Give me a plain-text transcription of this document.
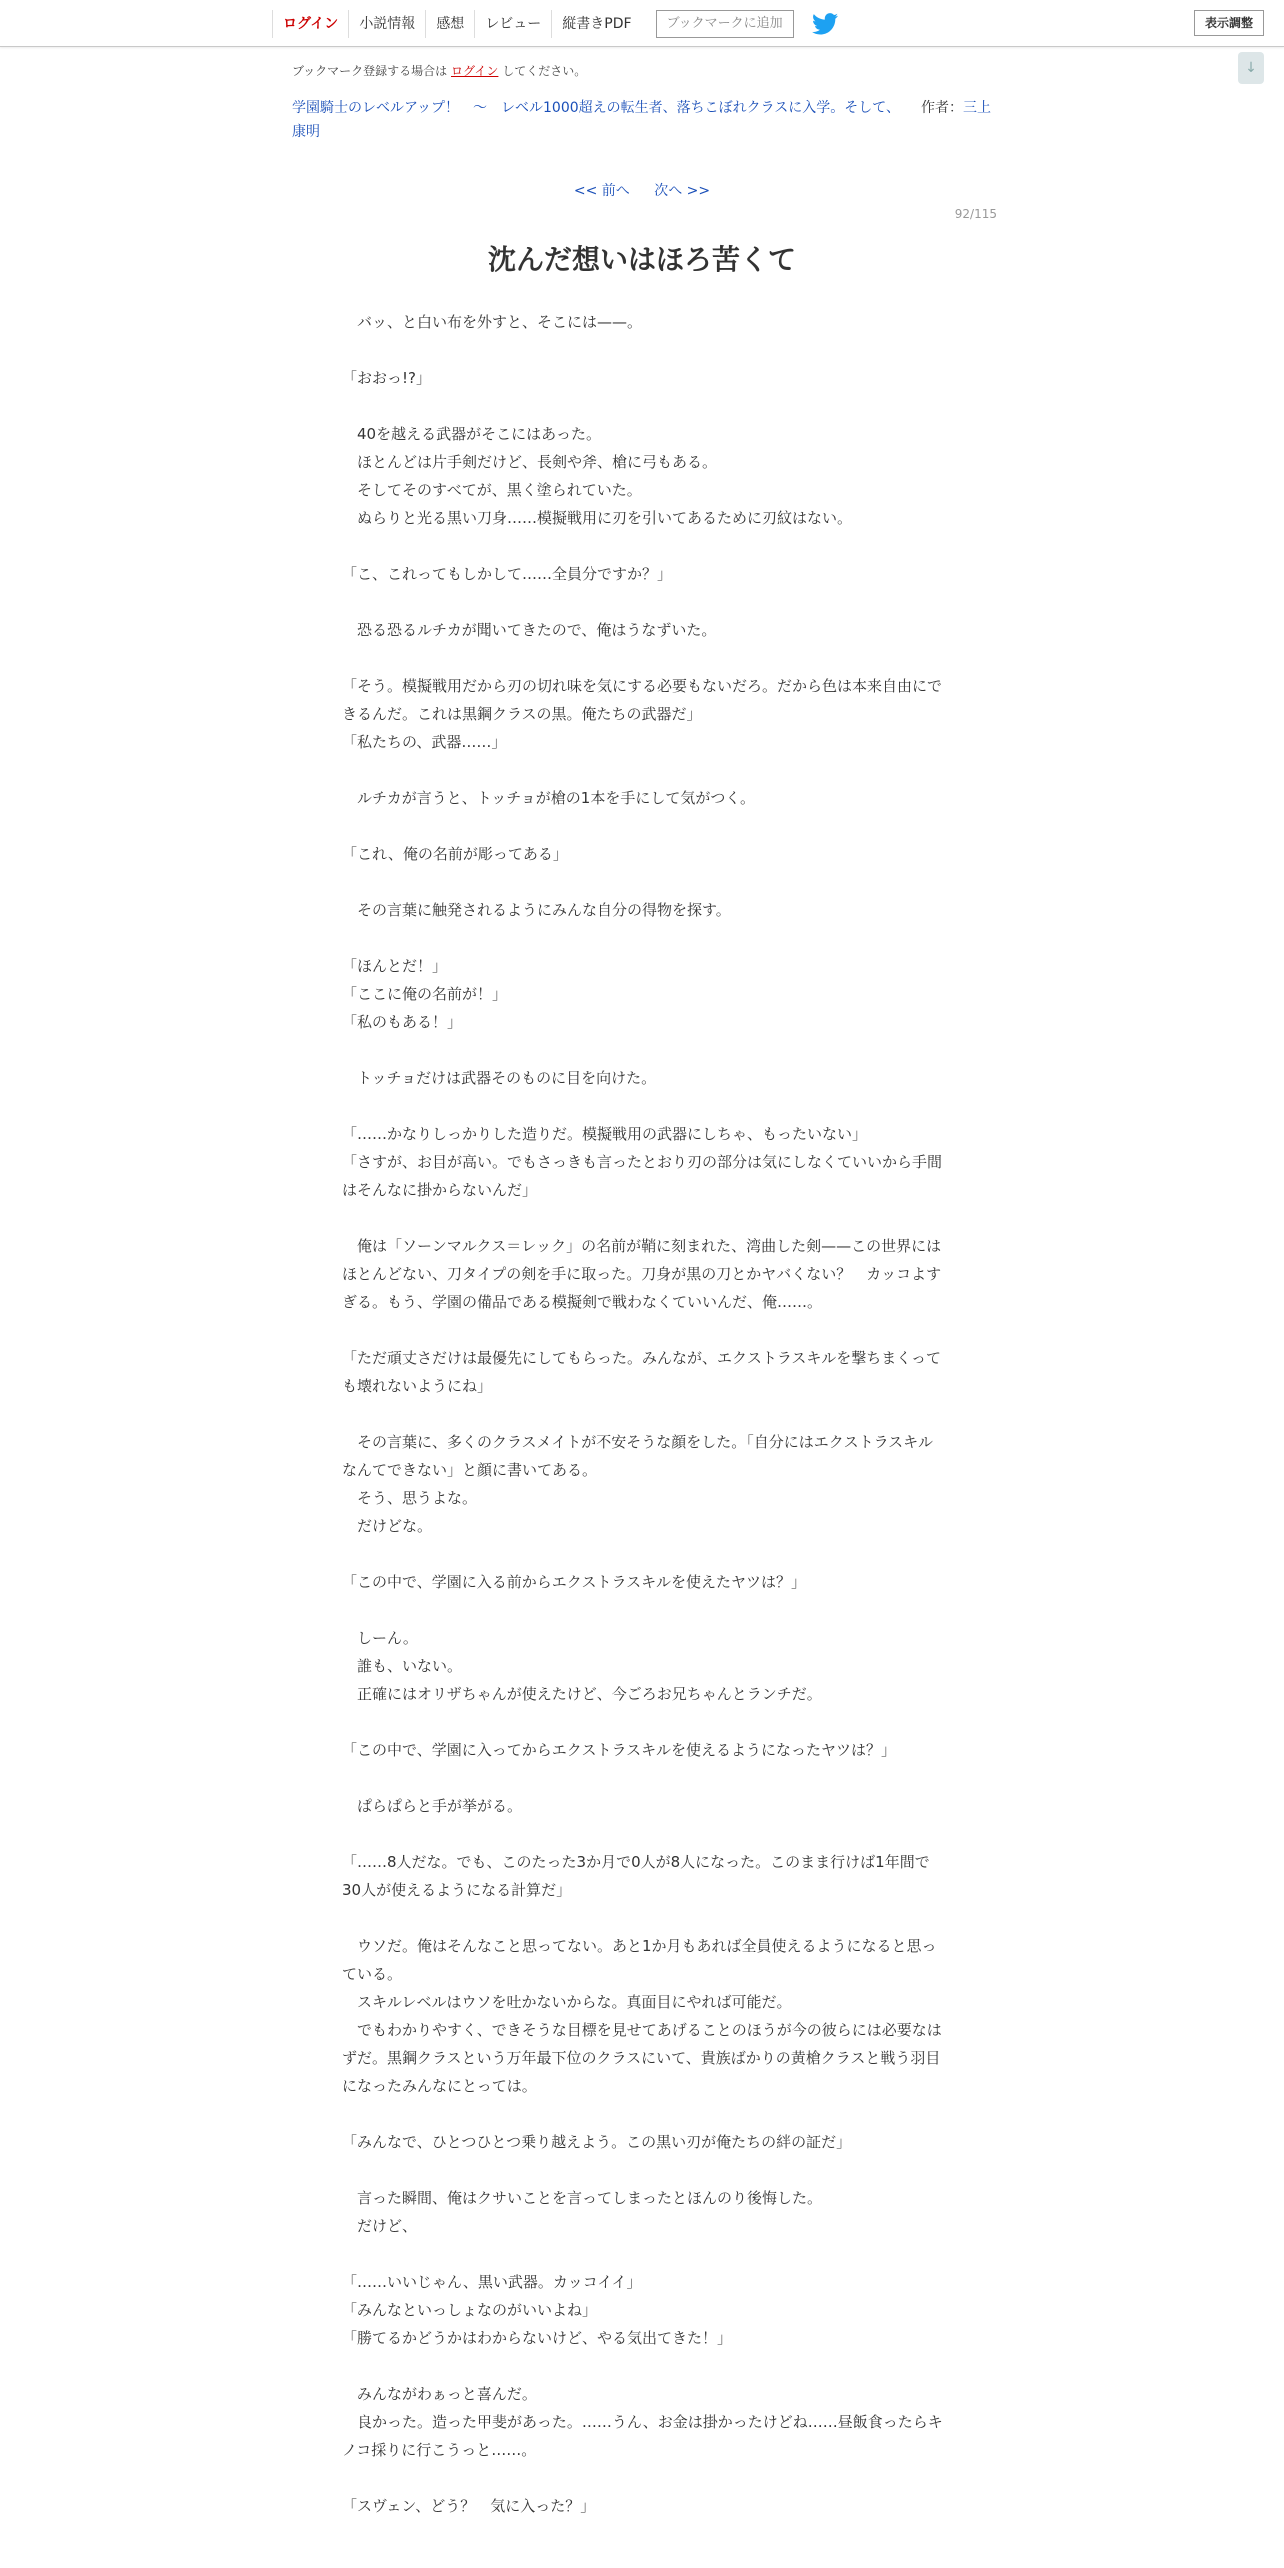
ログイン	小説情報	感想	レビュー	縦書きPDF	ブックマークに追加	表示調整
↓
ブックマーク登録する場合は ログイン してください。
学園騎士のレベルアップ！　〜　レベル1000超えの転生者、落ちこぼれクラスに入学。そして、　　 作者：三上康明
<< 前へ 次へ >>
92/115
沈んだ想いはほろ苦くて

　バッ、と白い布を外すと、そこには——。

「おおっ!?」

　40を越える武器がそこにはあった。

　ほとんどは片手剣だけど、長剣や斧、槍に弓もある。

　そしてそのすべてが、黒く塗られていた。

　ぬらりと光る黒い刀身……模擬戦用に刃を引いてあるために刃紋はない。

「こ、これってもしかして……全員分ですか？」

　恐る恐るルチカが聞いてきたので、俺はうなずいた。

「そう。模擬戦用だから刃の切れ味を気にする必要もないだろ。だから色は本来自由にできるんだ。これは黒鋼クラスの黒。俺たちの武器だ」

「私たちの、武器……」

　ルチカが言うと、トッチョが槍の1本を手にして気がつく。

「これ、俺の名前が彫ってある」

　その言葉に触発されるようにみんな自分の得物を探す。

「ほんとだ！」

「ここに俺の名前が！」

「私のもある！」

　トッチョだけは武器そのものに目を向けた。

「……かなりしっかりした造りだ。模擬戦用の武器にしちゃ、もったいない」

「さすが、お目が高い。でもさっきも言ったとおり刃の部分は気にしなくていいから手間はそんなに掛からないんだ」

　俺は「ソーンマルクス＝レック」の名前が鞘に刻まれた、湾曲した剣——この世界にはほとんどない、刀タイプの剣を手に取った。刀身が黒の刀とかヤバくない？　カッコよすぎる。もう、学園の備品である模擬剣で戦わなくていいんだ、俺……。

「ただ頑丈さだけは最優先にしてもらった。みんなが、エクストラスキルを撃ちまくっても壊れないようにね」

　その言葉に、多くのクラスメイトが不安そうな顔をした。「自分にはエクストラスキルなんてできない」と顔に書いてある。

　そう、思うよな。

　だけどな。

「この中で、学園に入る前からエクストラスキルを使えたヤツは？」

　しーん。

　誰も、いない。

　正確にはオリザちゃんが使えたけど、今ごろお兄ちゃんとランチだ。

「この中で、学園に入ってからエクストラスキルを使えるようになったヤツは？」

　ぱらぱらと手が挙がる。

「……8人だな。でも、このたった3か月で0人が8人になった。このまま行けば1年間で30人が使えるようになる計算だ」

　ウソだ。俺はそんなこと思ってない。あと1か月もあれば全員使えるようになると思っている。

　スキルレベルはウソを吐かないからな。真面目にやれば可能だ。

　でもわかりやすく、できそうな目標を見せてあげることのほうが今の彼らには必要なはずだ。黒鋼クラスという万年最下位のクラスにいて、貴族ばかりの黄槍クラスと戦う羽目になったみんなにとっては。

「みんなで、ひとつひとつ乗り越えよう。この黒い刃が俺たちの絆の証だ」

　言った瞬間、俺はクサいことを言ってしまったとほんのり後悔した。

　だけど、

「……いいじゃん、黒い武器。カッコイイ」

「みんなといっしょなのがいいよね」

「勝てるかどうかはわからないけど、やる気出てきた！」

　みんながわぁっと喜んだ。

　良かった。造った甲斐があった。……うん、お金は掛かったけどね……昼飯食ったらキノコ採りに行こうっと……。

「スヴェン、どう？　気に入った？」
